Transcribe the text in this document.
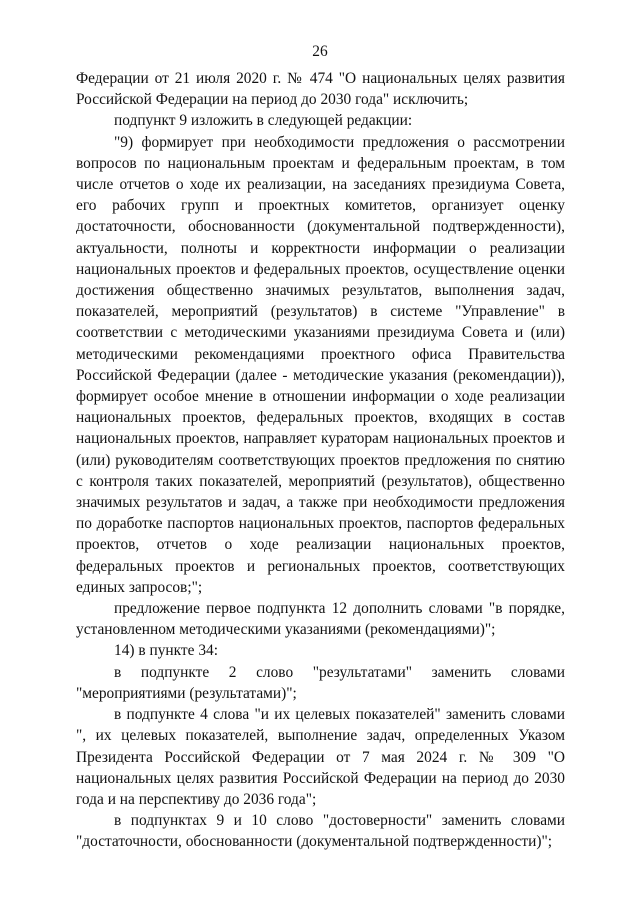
26

Федерации от 21 июля 2020 г. № 474 "О национальных целях развития Российской Федерации на период до 2030 года" исключить;

подпункт 9 изложить в следующей редакции:

"9) формирует при необходимости предложения о рассмотрении вопросов по национальным проектам и федеральным проектам, в том числе отчетов о ходе их реализации, на заседаниях президиума Совета, его рабочих групп и проектных комитетов, организует оценку достаточности, обоснованности (документальной подтвержденности), актуальности, полноты и корректности информации о реализации национальных проектов и федеральных проектов, осуществление оценки достижения общественно значимых результатов, выполнения задач, показателей, мероприятий (результатов) в системе "Управление" в соответствии с методическими указаниями президиума Совета и (или) методическими рекомендациями проектного офиса Правительства Российской Федерации (далее - методические указания (рекомендации)), формирует особое мнение в отношении информации о ходе реализации национальных проектов, федеральных проектов, входящих в состав национальных проектов, направляет кураторам национальных проектов и (или) руководителям соответствующих проектов предложения по снятию с контроля таких показателей, мероприятий (результатов), общественно значимых результатов и задач, а также при необходимости предложения по доработке паспортов национальных проектов, паспортов федеральных проектов, отчетов о ходе реализации национальных проектов, федеральных проектов и региональных проектов, соответствующих единых запросов;";

предложение первое подпункта 12 дополнить словами "в порядке, установленном методическими указаниями (рекомендациями)";

14) в пункте 34:

в подпункте 2 слово "результатами" заменить словами "мероприятиями (результатами)";

в подпункте 4 слова "и их целевых показателей" заменить словами ", их целевых показателей, выполнение задач, определенных Указом Президента Российской Федерации от 7 мая 2024 г. № 309 "О национальных целях развития Российской Федерации на период до 2030 года и на перспективу до 2036 года";

в подпунктах 9 и 10 слово "достоверности" заменить словами "достаточности, обоснованности (документальной подтвержденности)";
